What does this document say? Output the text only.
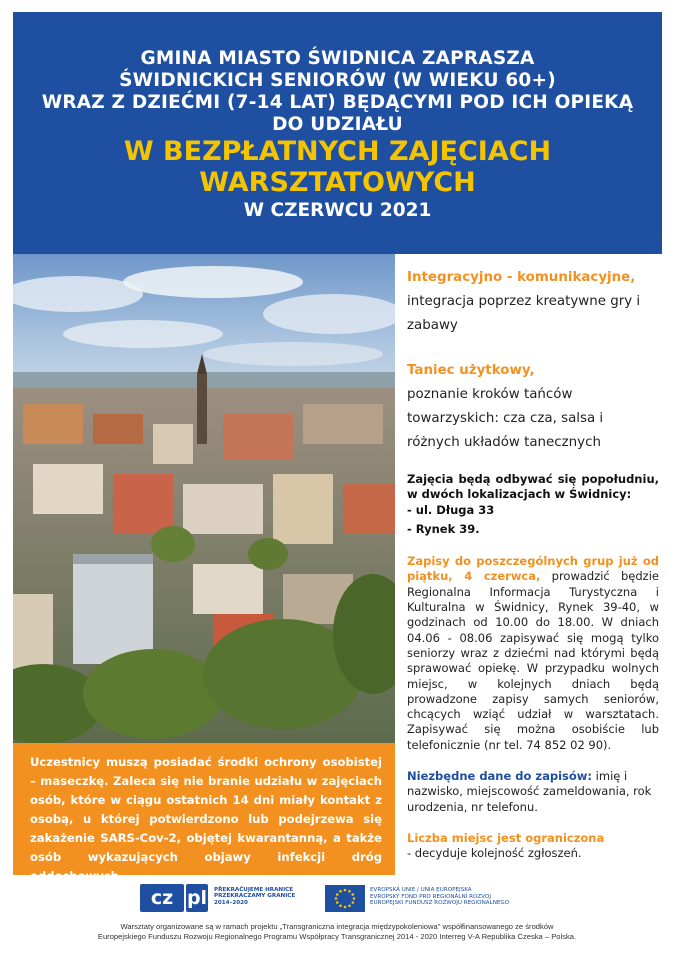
GMINA MIASTO ŚWIDNICA ZAPRASZA
ŚWIDNICKICH SENIORÓW (W WIEKU 60+)
WRAZ Z DZIEĆMI (7-14 LAT) BĘDĄCYMI POD ICH OPIEKĄ
DO UDZIAŁU
W BEZPŁATNYCH ZAJĘCIACH
WARSZTATOWYCH
W CZERWCU 2021
Uczestnicy muszą posiadać środki ochrony osobistej – maseczkę. Zaleca się nie branie udziału w zajęciach osób, które w ciągu ostatnich 14 dni miały kontakt z osobą, u której potwierdzono lub podejrzewa się zakażenie SARS-Cov-2, objętej kwarantanną, a także osób wykazujących objawy infekcji dróg oddechowych.
Integracyjno - komunikacyjne,
integracja poprzez kreatywne gry i zabawy
Taniec użytkowy,
poznanie kroków tańców towarzyskich: cza cza, salsa i różnych układów tanecznych
Zajęcia będą odbywać się popołudniu, w dwóch lokalizacjach w Świdnicy:
- ul. Długa 33
- Rynek 39.
Zapisy do poszczególnych grup już od piątku, 4 czerwca, prowadzić będzie Regionalna Informacja Turystyczna i Kulturalna w Świdnicy, Rynek 39-40, w godzinach od 10.00 do 18.00. W dniach 04.06 - 08.06 zapisywać się mogą tylko seniorzy wraz z dziećmi nad którymi będą sprawować opiekę. W przypadku wolnych miejsc, w kolejnych dniach będą prowadzone zapisy samych seniorów, chcących wziąć udział w warsztatach. Zapisywać się można osobiście lub telefonicznie (nr tel. 74 852 02 90).
Niezbędne dane do zapisów: imię i nazwisko, miejscowość zameldowania, rok urodzenia, nr telefonu.
Liczba miejsc jest ograniczona
- decyduje kolejność zgłoszeń.
cz pl PŘEKRAČUJEME HRANICE
PRZEKRACZAMY GRANICE
2014–2020
EVROPSKÁ UNIE / UNIA EUROPEJSKA
EVROPSKÝ FOND PRO REGIONÁLNÍ ROZVOJ
EUROPEJSKI FUNDUSZ ROZWOJU REGIONALNEGO
Warsztaty organizowane są w ramach projektu „Transgraniczna integracja międzypokoleniowa" współfinansowanego ze środków
Europejskiego Funduszu Rozwoju Regionalnego Programu Współpracy Transgranicznej 2014 - 2020 Interreg V-A Republika Czeska – Polska.
